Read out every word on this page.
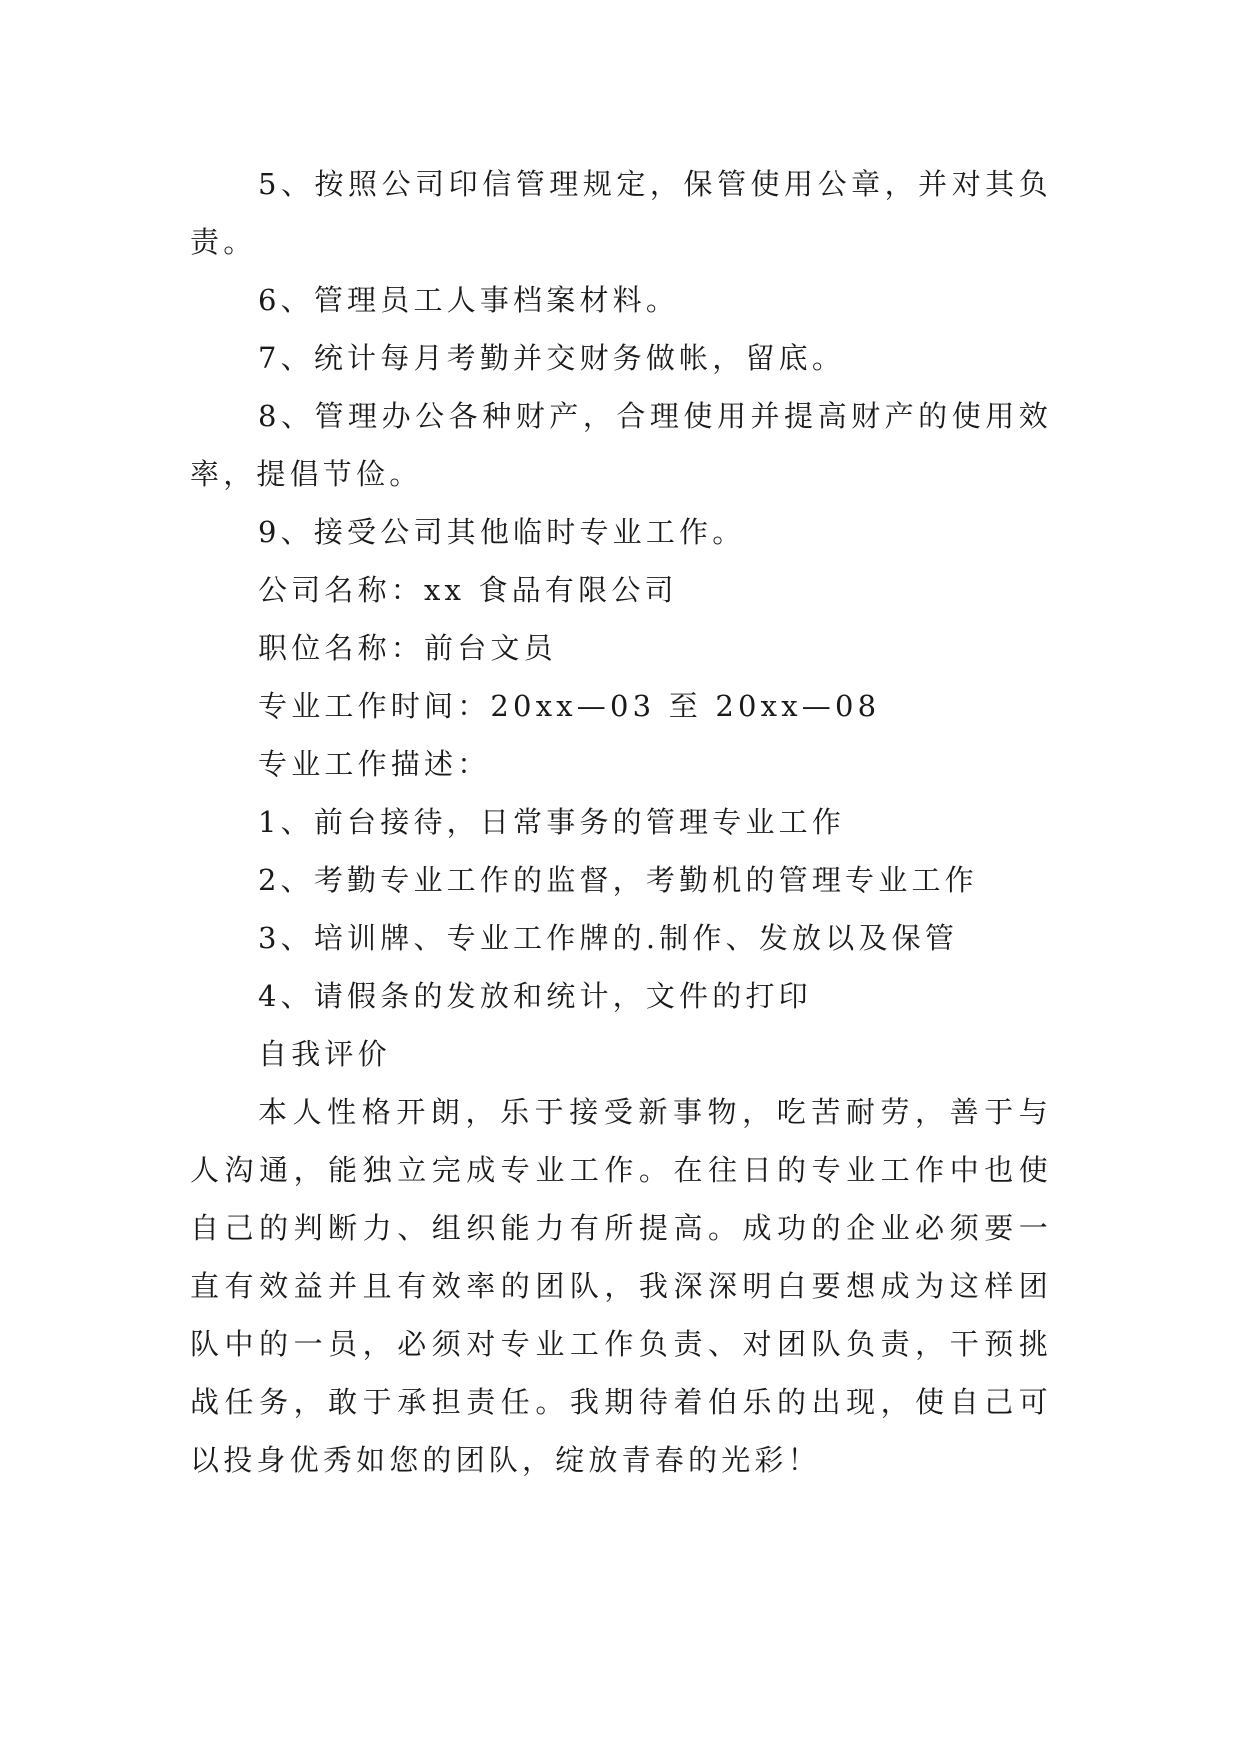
5、按照公司印信管理规定，保管使用公章，并对其负责。

6、管理员工人事档案材料。

7、统计每月考勤并交财务做帐，留底。

8、管理办公各种财产，合理使用并提高财产的使用效率，提倡节俭。

9、接受公司其他临时专业工作。

公司名称：xx 食品有限公司

职位名称：前台文员

专业工作时间：20xx—03 至 20xx—08

专业工作描述：

1、前台接待，日常事务的管理专业工作

2、考勤专业工作的监督，考勤机的管理专业工作

3、培训牌、专业工作牌的.制作、发放以及保管

4、请假条的发放和统计，文件的打印

自我评价

本人性格开朗，乐于接受新事物，吃苦耐劳，善于与人沟通，能独立完成专业工作。在往日的专业工作中也使自己的判断力、组织能力有所提高。成功的企业必须要一直有效益并且有效率的团队，我深深明白要想成为这样团队中的一员，必须对专业工作负责、对团队负责，干预挑战任务，敢于承担责任。我期待着伯乐的出现，使自己可以投身优秀如您的团队，绽放青春的光彩！
